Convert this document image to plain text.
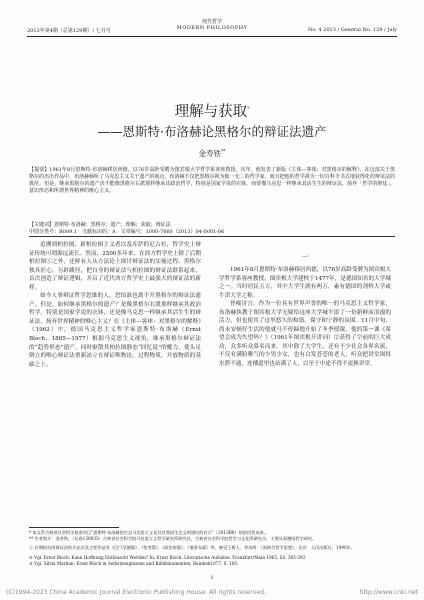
现代哲学
MODERN PHILOSOPHY
2013年第4期（总第129期）/ 七月号	No. 4 2013 / General No. 129 / July
理解与获取*
——恩斯特·布洛赫论黑格尔的辩证法遗产
金寿铁**

【提要】1961年8月恩斯特·布洛赫移居西德，以76岁高龄受聘为图宾根大学哲学系客座教授。次年，他发表了新版《主体—客体：对黑格尔的解释》。在这部关于黑格尔的杰出作品中，布洛赫倾听了马克思主义关于遗产的观点，布洛赫不仅把黑格尔视为独一无二的哲学家，而且把他的哲学视为一切百科全书式地获得化的辩证法的典范。但是，继承黑格尔的遗产决不能像黑格尔右派那样继承其政治哲学，特别是国家学说的衣钵，而要像马克思一样继承其活生生的辩证法，扬弃「哲学的胆怯」，意识形态和所谓世界精神的唯心主义。

【关键词】恩斯特·布洛赫；黑格尔；遗产；理解；获取；辩证法
中图分类号：B089.1　文献标识码：A　文章编号：1000-7660（2013）04-0001-06

追溯到柏拉图、新柏拉图主义者以及库萨的尼古拉，哲学史上辩证传统可谓源远流长。然而，2500多年来，在西方哲学史上除了后期柏拉图①之外，还鲜有人从方法论上探讨辩证法的实施过程。黑格尔独具匠心，另辟蹊径，把自身的辩证法与柏拉图的辩证法联系起来，首次创造了辩证逻辑，并启了近代西方哲学史上最强大的辩证法的新样。

如今人事辩证哲学思维的人，恐怕谁也离不开黑格尔的辩证法遗产。但是，如何继承黑格尔的遗产？是像黑格尔右派那样继承其政治哲学，特别是国家学说的衣钵，还是像马克思一样继承其活生生的辩证法，扬弃世界精神的唯心主义？在《主体—客体：对黑格尔的解释》（1962）中，德国马克思主义哲学家恩斯特·布洛赫（Ernst Bloch，1885—1977）根据马克思主义视角，继承黑格尔辩证法的“趋势形态”遗产，同时驱散其柏拉图静态“回忆说”的魔力，使头足倒立的唯心辩证法重新站立在辩证唯物论、过程物质，开放物质的基础之上。

一

1961年8月恩斯特·布洛赫移居西德，以76岁高龄受聘为图宾根大学哲学系客座教授。图宾根大学建校于1477年，是德国知名的大学城之一。当时居民五万，其中大学生就有两万，素有德国的剑桥大学或牛津大学之称。

骨瘦诗言，作为一位具有世界声誉的唯一的马克思主义哲学家，布洛赫执教于图宾根大学无疑给这座大学城平添了一份新鲜而浪漫的活力，但也使其了这里悠久的和谐、保守和宁静的氛围。11月中旬，尚未安顿好生活的他就马不停蹄地开始了冬季授课，他的第一课《希望会成为失望吗？》（1961年图宾根开讲词）②获得了空前的巨大成功，众多听众慕名而来。其中除了大学生，还有不少社会各界名流，不仅有满脸稚气的少男少女，也有白发苍苍的老人，听众把讲堂围得水泄不通，连楼道里也站满了人，以至于中途不得不更换讲堂。

* 本文系吉林省社会科学基金项目“恩斯特·布洛赫的生态马克思主义及其对我国生态文明建设的启示”（2013B8）的阶段性成果。
** 作者简介：金寿铁，（长春130033）吉林省社会科学院马克思主义哲学研究所研究员，吉林省社会科学院哲学与文化所研究员，主要从事德国哲学研究。
① 后期柏拉图辩证法的方法论及主要作品有《巴门尼德篇》、《智者篇》、《政治家篇》、《斐莱布篇》等，参见王树人、李凤鸣：《黑格尔哲学思想》，北京：人民出版社，1990年。
② Vgl. Ernst Bloch: Kann Hoffnung Enttäuscht Werden? In: Ernst Bloch: Literarische Aufsätze, Frankfurt/Main 1965, SS. 385-392.
③ Vgl. Silvia Markun: Ernst Bloch in Selbstzeugnissen und Bilddokumenten, Reinbek1977, S. 105.
1
(C)1994-2023 China Academic Journal Electronic Publishing House. All rights reserved.	http://www.cnki.net
